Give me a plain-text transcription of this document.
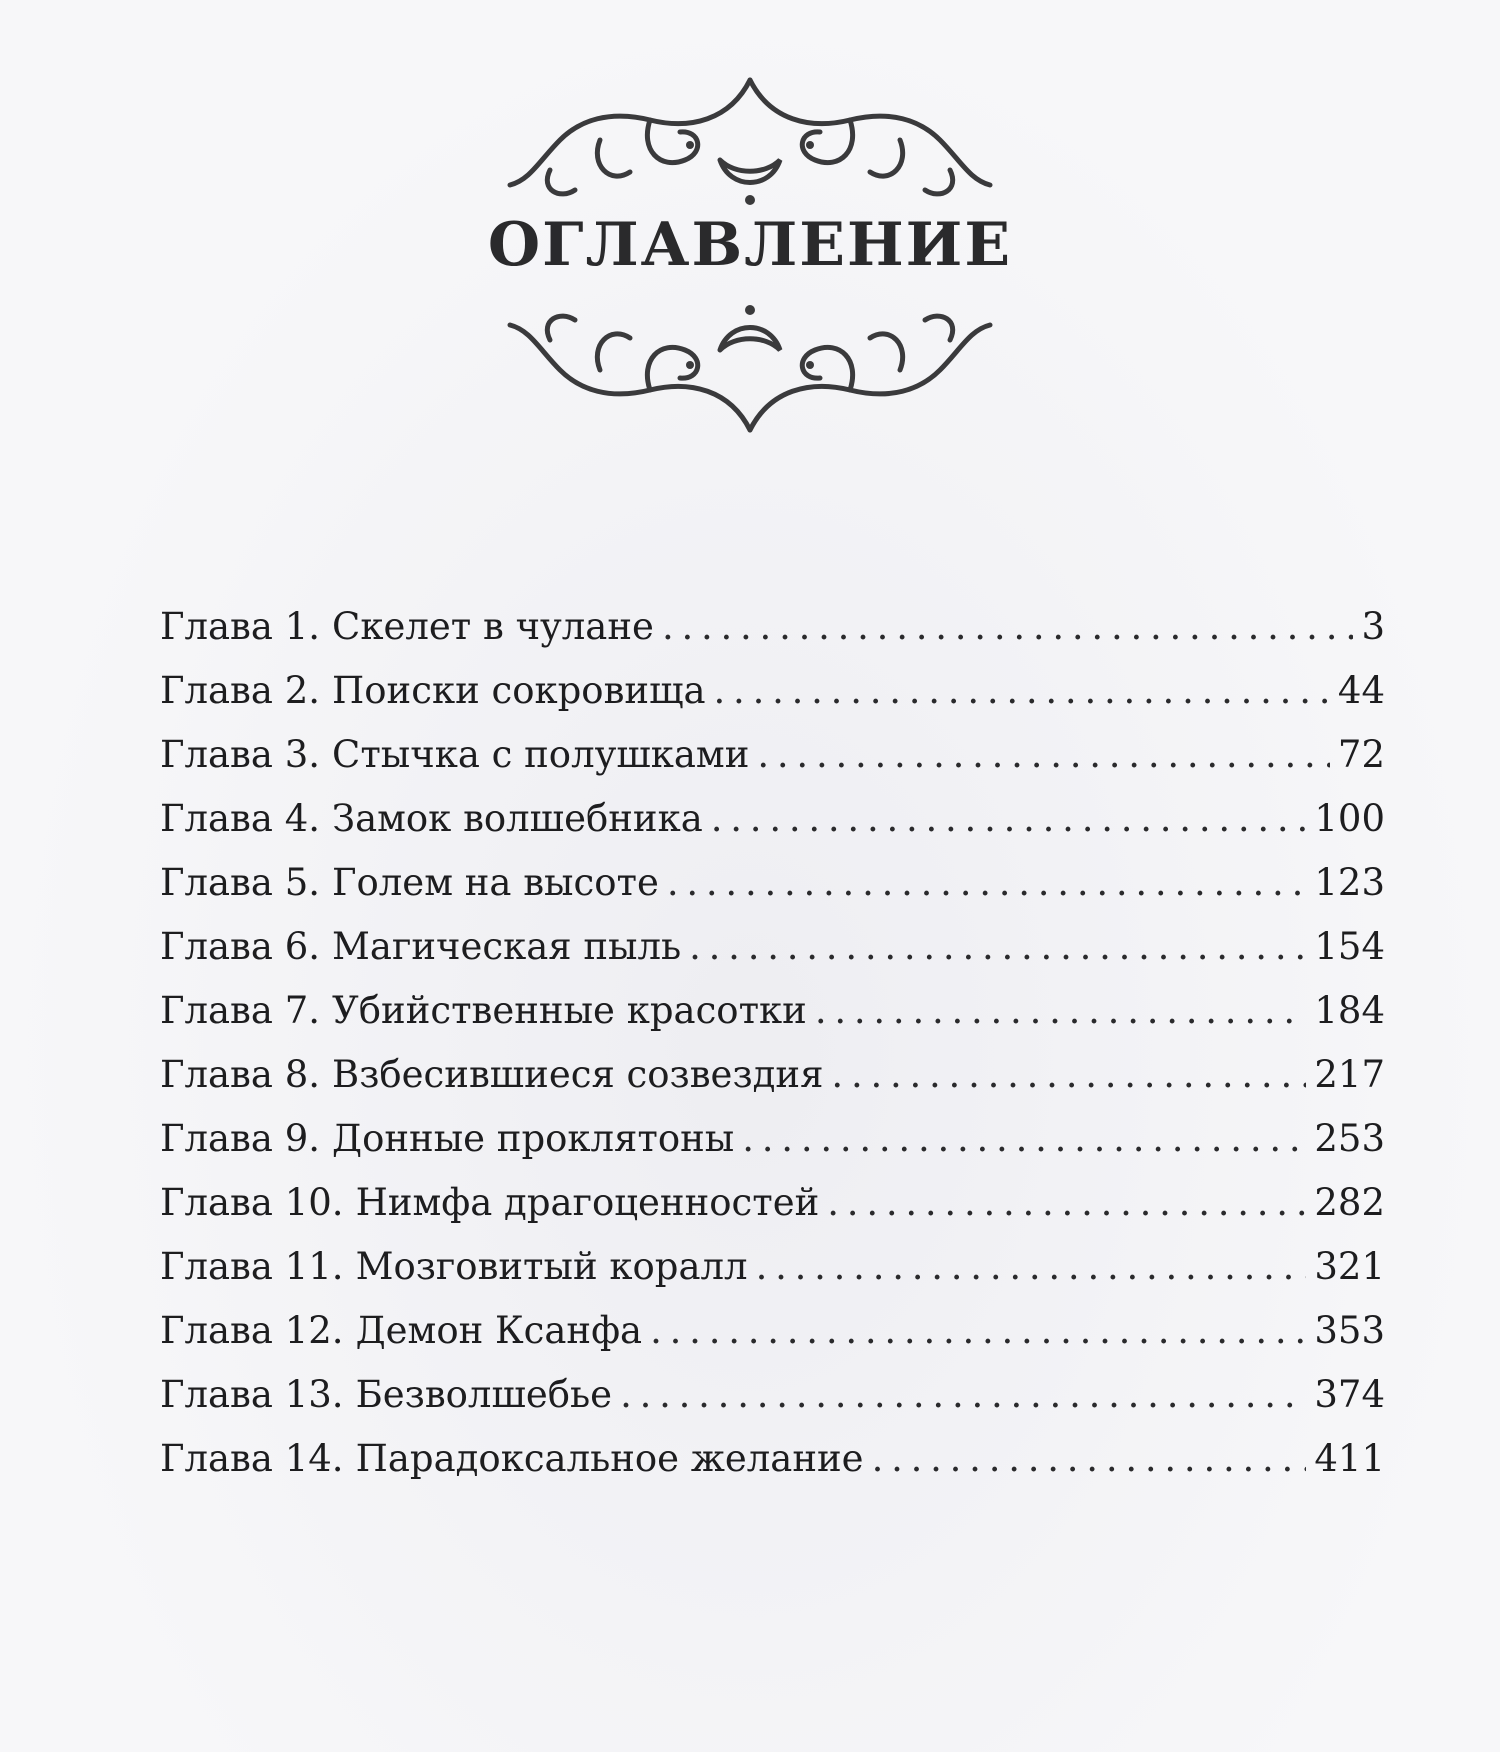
ОГЛАВЛЕНИЕ
Глава 1. Скелет в чулане . . .	3
Глава 2. Поиски сокровища . . .	44
Глава 3. Стычка с полушками . . .	72
Глава 4. Замок волшебника . . .	100
Глава 5. Голем на высоте . . .	123
Глава 6. Магическая пыль . . .	154
Глава 7. Убийственные красотки . . .	184
Глава 8. Взбесившиеся созвездия . . .	217
Глава 9. Донные проклятоны . . .	253
Глава 10. Нимфа драгоценностей . . .	282
Глава 11. Мозговитый коралл . . .	321
Глава 12. Демон Ксанфа . . .	353
Глава 13. Безволшебье . . .	374
Глава 14. Парадоксальное желание . . .	411
